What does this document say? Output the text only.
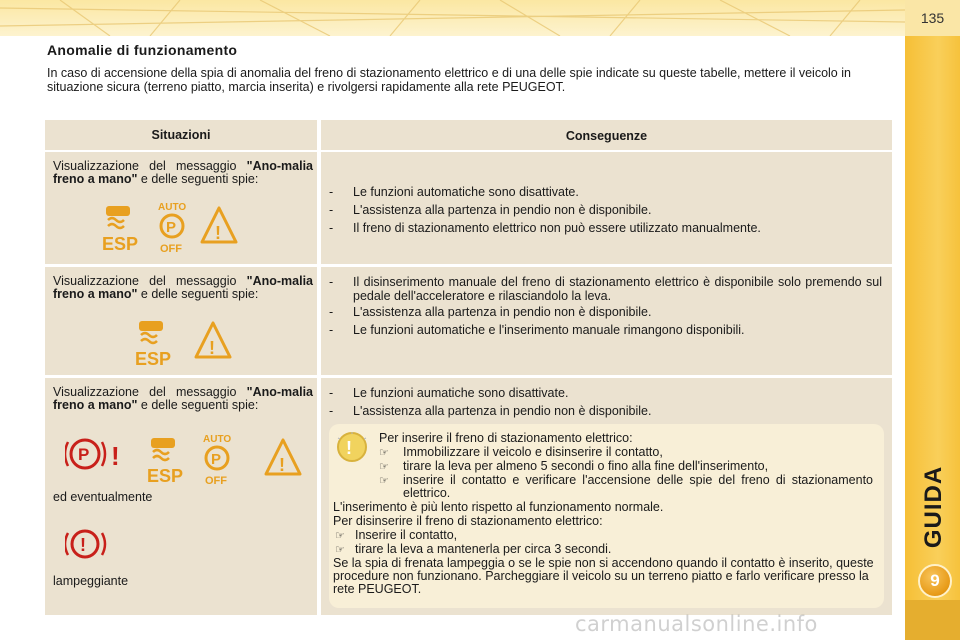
135
GUIDA
9
Anomalie di funzionamento

In caso di accensione della spia di anomalia del freno di stazionamento elettrico e di una delle spie indicate su queste tabelle, mettere il veicolo in situazione sicura (terreno piatto, marcia inserita) e rivolgersi rapidamente alla rete PEUGEOT.

Situazioni	Conseguenze
Visualizzazione del messaggio "Ano-malia freno a mano" e delle seguenti spie:
ESP
AUTO
P
OFF
!
-	Le funzioni automatiche sono disattivate.
-	L'assistenza alla partenza in pendio non è disponibile.
-	Il freno di stazionamento elettrico non può essere utilizzato manualmente.
Visualizzazione del messaggio "Ano-malia freno a mano" e delle seguenti spie:
ESP
!
-	Il disinserimento manuale del freno di stazionamento elettrico è disponibile solo premendo sul pedale dell'acceleratore e rilasciandolo la leva.
-	L'assistenza alla partenza in pendio non è disponibile.
-	Le funzioni automatiche e l'inserimento manuale rimangono disponibili.
Visualizzazione del messaggio "Ano-malia freno a mano" e delle seguenti spie:
P !
ESP
AUTO
P
OFF
!
ed eventualmente
!
lampeggiante
-	Le funzioni aumatiche sono disattivate.
-	L'assistenza alla partenza in pendio non è disponibile.
! Per inserire il freno di stazionamento elettrico:
☞ Immobilizzare il veicolo e disinserire il contatto,
☞ tirare la leva per almeno 5 secondi o fino alla fine dell'inserimento,
☞ inserire il contatto e verificare l'accensione delle spie del freno di stazionamento elettrico.
L'inserimento è più lento rispetto al funzionamento normale.
Per disinserire il freno di stazionamento elettrico:
☞ Inserire il contatto,
☞ tirare la leva a mantenerla per circa 3 secondi.
Se la spia di frenata lampeggia o se le spie non si accendono quando il contatto è inserito, queste procedure non funzionano. Parcheggiare il veicolo su un terreno piatto e farlo verificare presso la rete PEUGEOT.
carmanualsonline.info
